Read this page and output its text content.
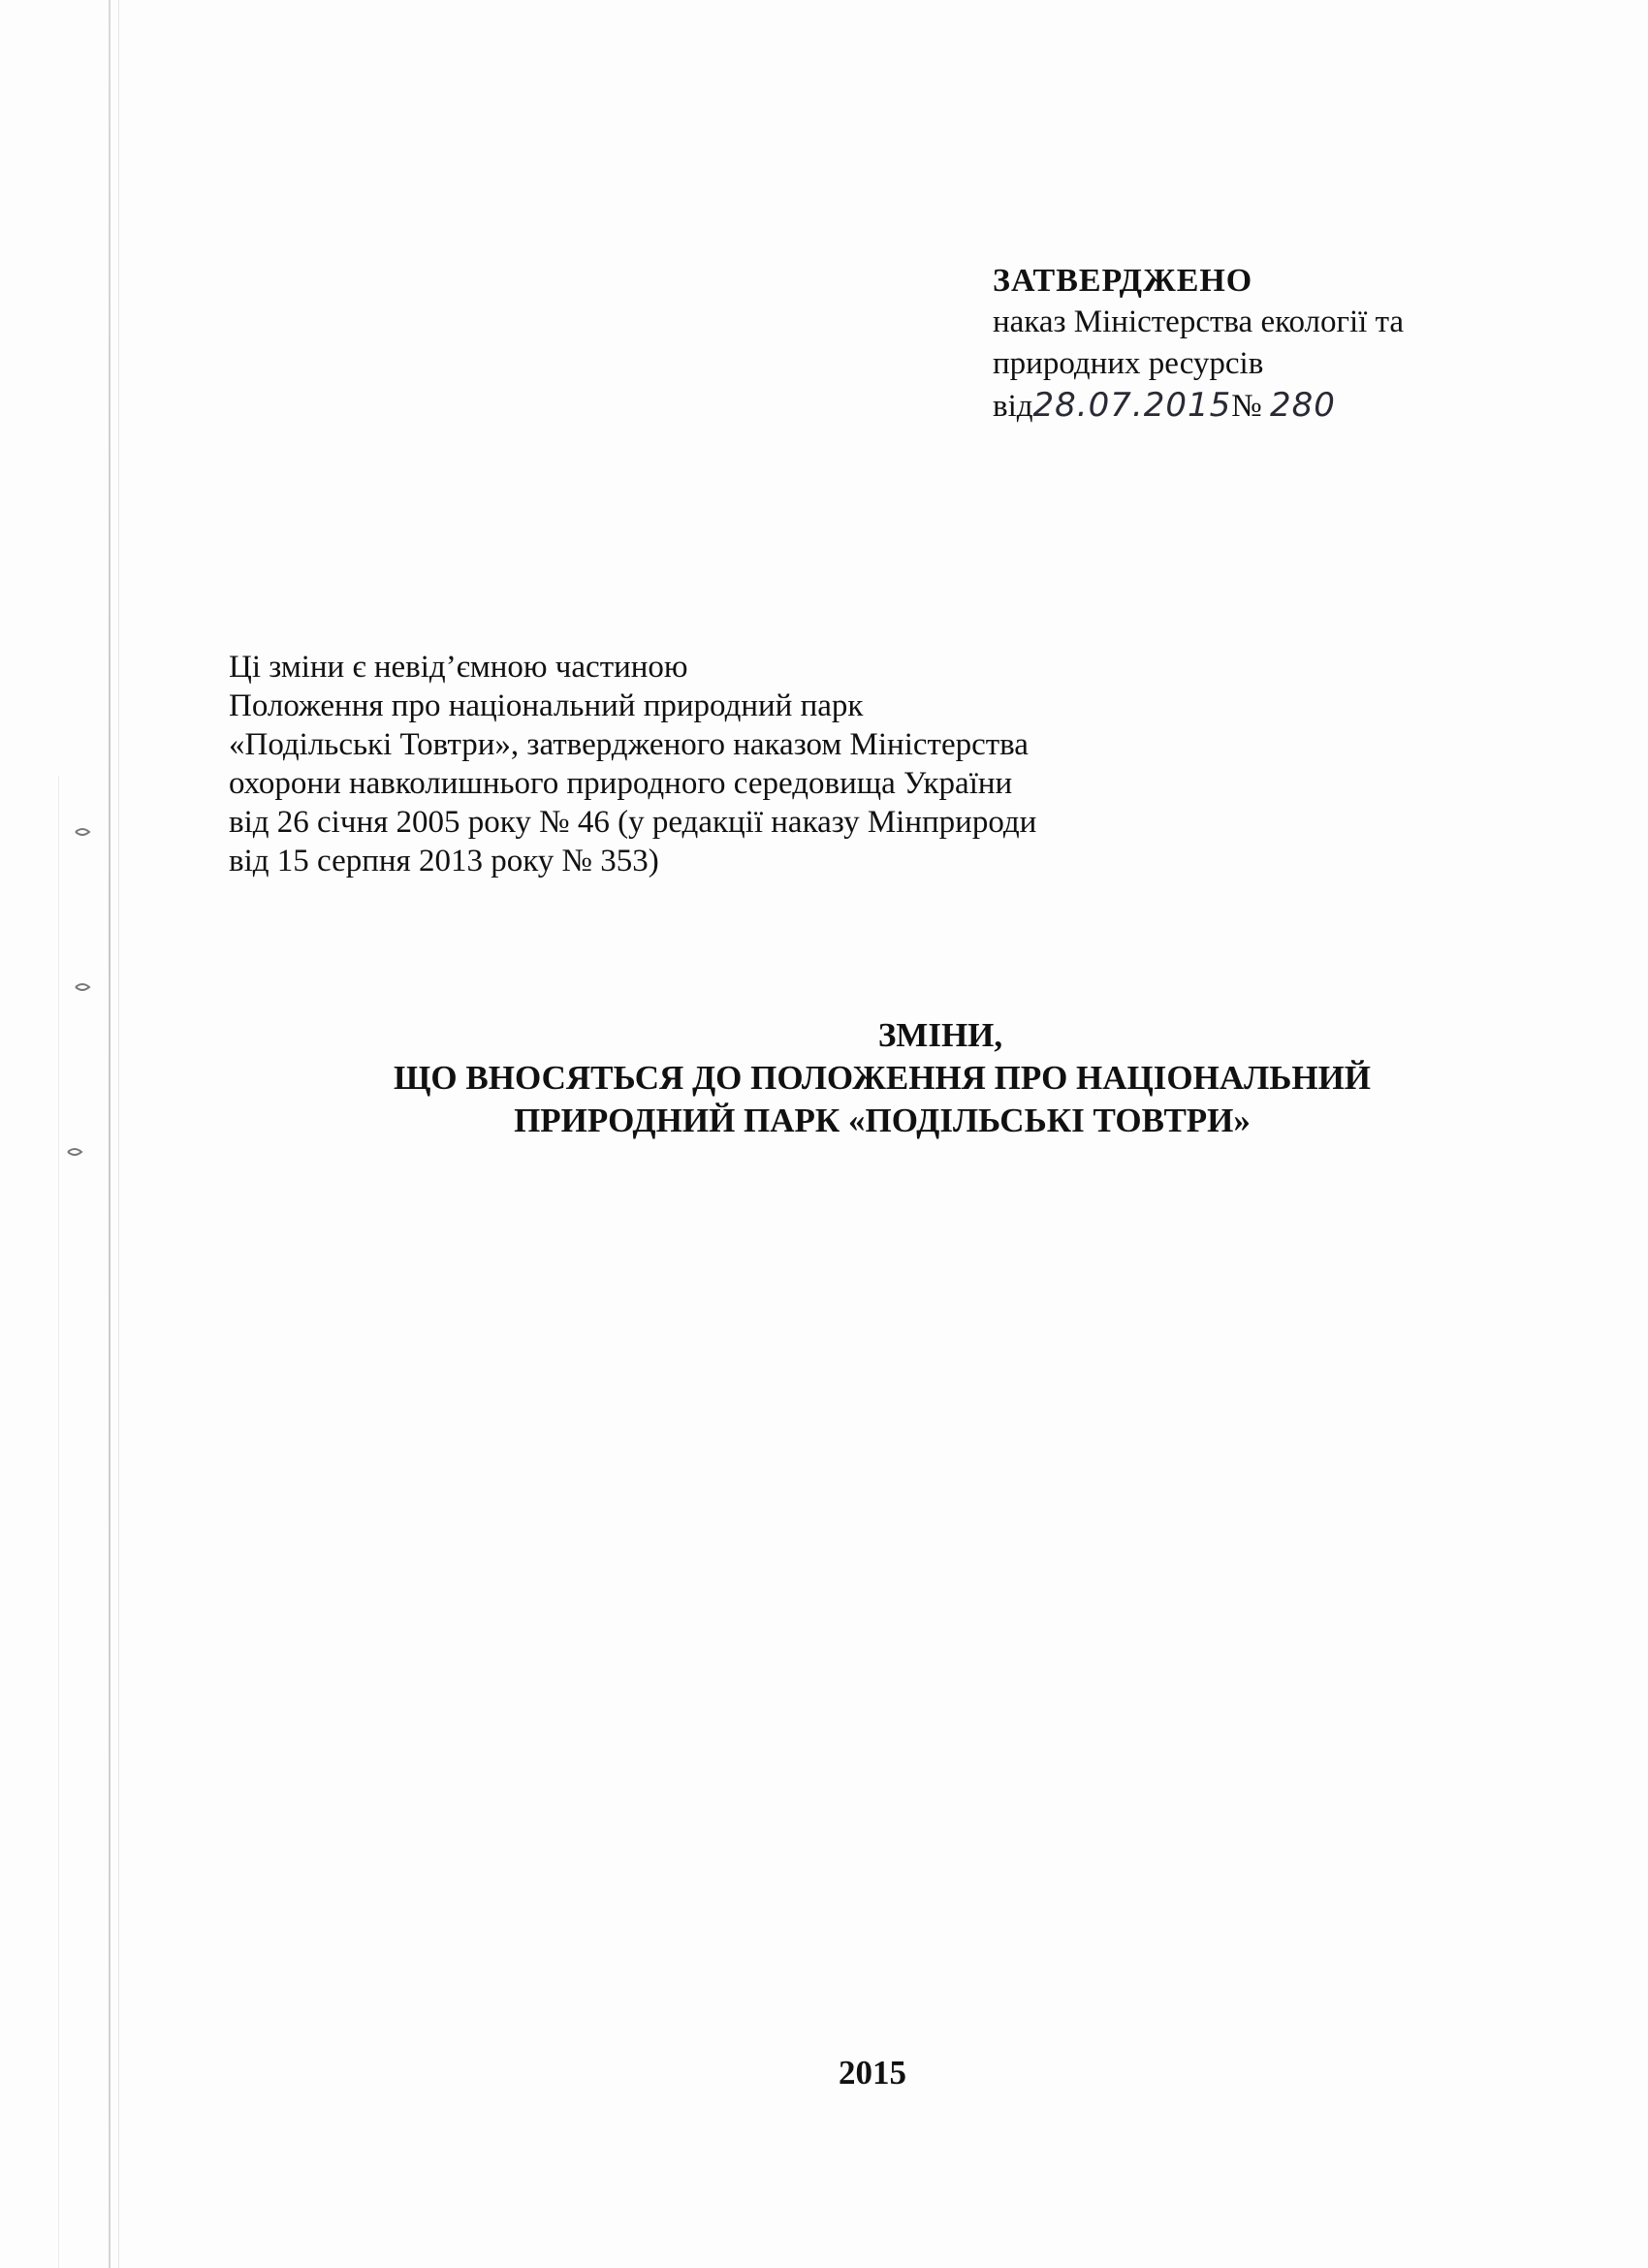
ЗАТВЕРДЖЕНО
наказ Міністерства екології та
природних ресурсів
від28.07.2015№ 280
Ці зміни є невід’ємною частиною
Положення про національний природний парк
«Подільські Товтри», затвердженого наказом Міністерства
охорони навколишнього природного середовища України
від 26 січня 2005 року № 46 (у редакції наказу Мінприроди
від 15 серпня 2013 року № 353)
ЗМІНИ,
ЩО ВНОСЯТЬСЯ ДО ПОЛОЖЕННЯ ПРО НАЦІОНАЛЬНИЙ
ПРИРОДНИЙ ПАРК «ПОДІЛЬСЬКІ ТОВТРИ»
2015
